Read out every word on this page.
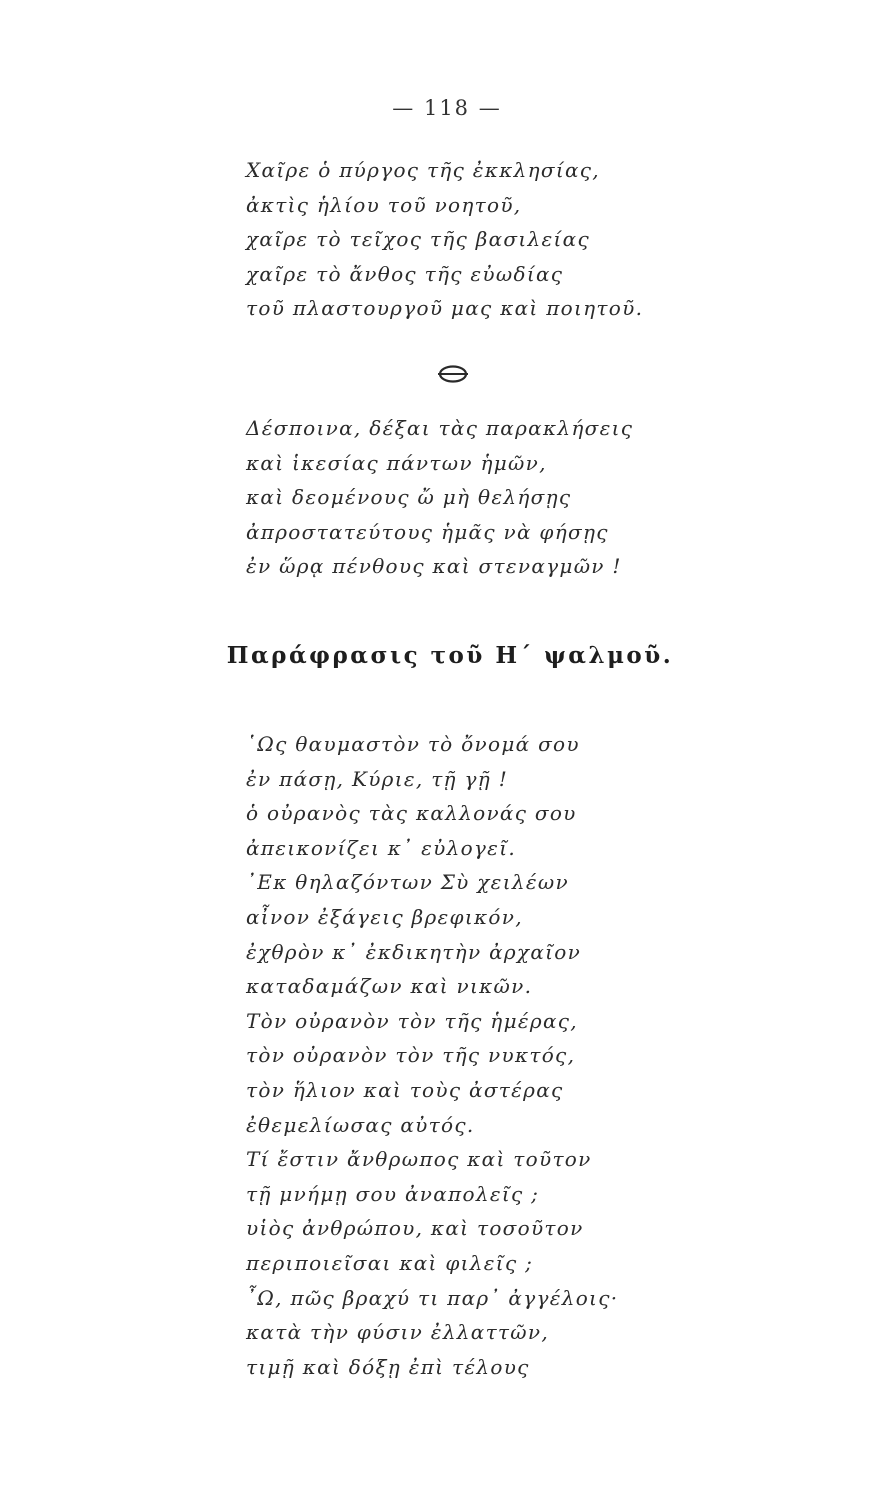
— 118 —
Χαῖρε ὁ πύργος τῆς ἐκκλησίας,
ἀκτὶς ἡλίου τοῦ νοητοῦ,
χαῖρε τὸ τεῖχος τῆς βασιλείας
χαῖρε τὸ ἄνθος τῆς εὐωδίας
τοῦ πλαστουργοῦ μας καὶ ποιητοῦ.
Δέσποινα, δέξαι τὰς παρακλήσεις
καὶ ἱκεσίας πάντων ἡμῶν,
καὶ δεομένους ὤ μὴ θελήσῃς
ἀπροστατεύτους ἡμᾶς νὰ φήσῃς
ἐν ὥρᾳ πένθους καὶ στεναγμῶν !
Παράφρασις τοῦ Η´ ψαλμοῦ.
῾Ως θαυμαστὸν τὸ ὄνομά σου
ἐν πάσῃ, Κύριε, τῇ γῇ !
ὁ οὐρανὸς τὰς καλλονάς σου
ἀπεικονίζει κ᾽ εὐλογεῖ.
᾽Εκ θηλαζόντων Σὺ χειλέων
αἶνον ἐξάγεις βρεφικόν,
ἐχθρὸν κ᾽ ἐκδικητὴν ἀρχαῖον
καταδαμάζων καὶ νικῶν.
Τὸν οὐρανὸν τὸν τῆς ἡμέρας,
τὸν οὐρανὸν τὸν τῆς νυκτός,
τὸν ἥλιον καὶ τοὺς ἀστέρας
ἐθεμελίωσας αὐτός.
Τί ἔστιν ἄνθρωπος καὶ τοῦτον
τῇ μνήμῃ σου ἀναπολεῖς ;
υἱὸς ἀνθρώπου, καὶ τοσοῦτον
περιποιεῖσαι καὶ φιλεῖς ;
῏Ω, πῶς βραχύ τι παρ᾽ ἀγγέλοις·
κατὰ τὴν φύσιν ἐλλαττῶν,
τιμῇ καὶ δόξῃ ἐπὶ τέλους
